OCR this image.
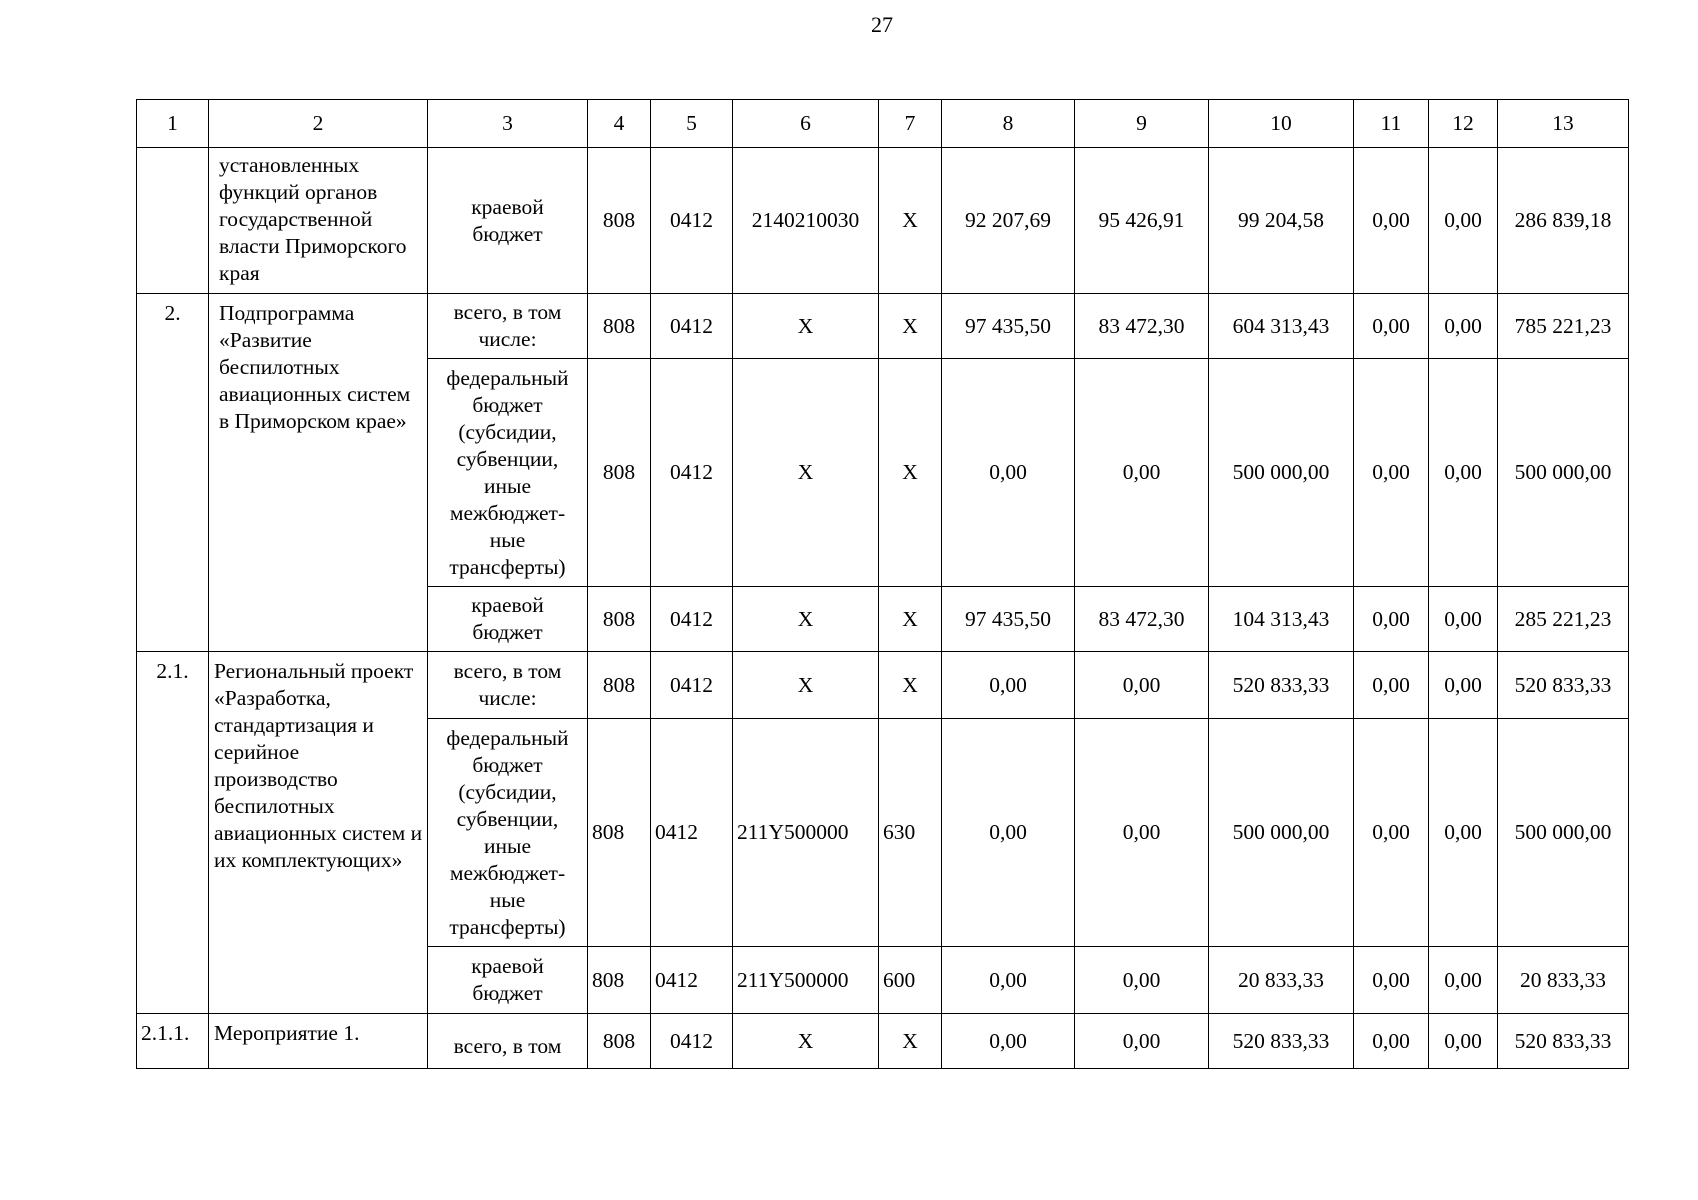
27
1	2	3	4	5	6	7	8	9	10	11	12	13
	установленных функций органов государственной власти Приморского края	краевой бюджет	808	0412	2140210030	X	92 207,69	95 426,91	99 204,58	0,00	0,00	286 839,18
2.	Подпрограмма «Развитие беспилотных авиационных систем в Приморском крае»	всего, в том числе:	808	0412	X	X	97 435,50	83 472,30	604 313,43	0,00	0,00	785 221,23
		федеральный бюджет (субсидии, субвенции, иные межбюджет-ные трансферты)	808	0412	X	X	0,00	0,00	500 000,00	0,00	0,00	500 000,00
		краевой бюджет	808	0412	X	X	97 435,50	83 472,30	104 313,43	0,00	0,00	285 221,23
2.1.	Региональный проект «Разработка, стандартизация и серийное производство беспилотных авиационных систем и их комплектующих»	всего, в том числе:	808	0412	X	X	0,00	0,00	520 833,33	0,00	0,00	520 833,33
		федеральный бюджет (субсидии, субвенции, иные межбюджет-ные трансферты)	808	0412	211Y500000	630	0,00	0,00	500 000,00	0,00	0,00	500 000,00
		краевой бюджет	808	0412	211Y500000	600	0,00	0,00	20 833,33	0,00	0,00	20 833,33
2.1.1.	Мероприятие 1.	всего, в том	808	0412	X	X	0,00	0,00	520 833,33	0,00	0,00	520 833,33
